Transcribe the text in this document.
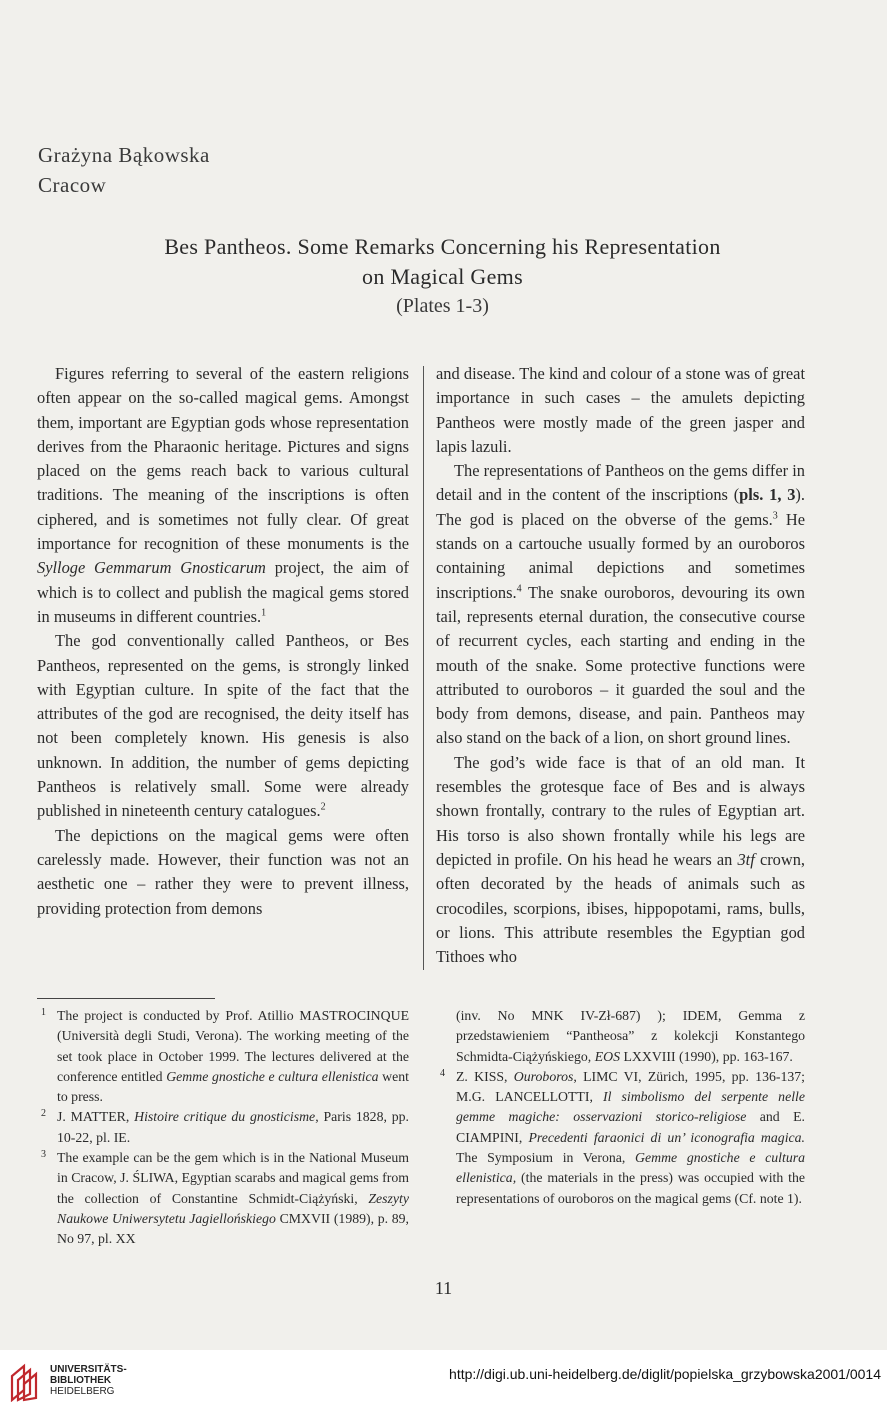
Grażyna Bąkowska
Cracow
Bes Pantheos. Some Remarks Concerning his Representation
on Magical Gems
(Plates 1-3)

Figures referring to several of the eastern religions often appear on the so-called magical gems. Amongst them, important are Egyptian gods whose representation derives from the Pharaonic heritage. Pictures and signs placed on the gems reach back to various cultural traditions. The meaning of the inscriptions is often ciphered, and is sometimes not fully clear. Of great importance for recognition of these monuments is the Sylloge Gemmarum Gnosticarum project, the aim of which is to collect and publish the magical gems stored in museums in different countries.$^1$

The god conventionally called Pantheos, or Bes Pantheos, represented on the gems, is strongly linked with Egyptian culture. In spite of the fact that the attributes of the god are recognised, the deity itself has not been completely known. His genesis is also unknown. In addition, the number of gems depicting Pantheos is relatively small. Some were already published in nineteenth century catalogues.$^2$

The depictions on the magical gems were often carelessly made. However, their function was not an aesthetic one – rather they were to prevent illness, providing protection from demons

and disease. The kind and colour of a stone was of great importance in such cases – the amulets depicting Pantheos were mostly made of the green jasper and lapis lazuli.

The representations of Pantheos on the gems differ in detail and in the content of the inscriptions (pls. 1, 3). The god is placed on the obverse of the gems.$^3$ He stands on a cartouche usually formed by an ouroboros containing animal depictions and sometimes inscriptions.$^4$ The snake ouroboros, devouring its own tail, represents eternal duration, the consecutive course of recurrent cycles, each starting and ending in the mouth of the snake. Some protective functions were attributed to ouroboros – it guarded the soul and the body from demons, disease, and pain. Pantheos may also stand on the back of a lion, on short ground lines.

The god’s wide face is that of an old man. It resembles the grotesque face of Bes and is always shown frontally, contrary to the rules of Egyptian art. His torso is also shown frontally while his legs are depicted in profile. On his head he wears an 3tf crown, often decorated by the heads of animals such as crocodiles, scorpions, ibises, hippopotami, rams, bulls, or lions. This attribute resembles the Egyptian god Tithoes who

1 The project is conducted by Prof. Atillio MASTROCINQUE (Università degli Studi, Verona). The working meeting of the set took place in October 1999. The lectures delivered at the conference entitled Gemme gnostiche e cultura ellenistica went to press.

2 J. MATTER, Histoire critique du gnosticisme, Paris 1828, pp. 10-22, pl. IE.

3 The example can be the gem which is in the National Museum in Cracow, J. ŚLIWA, Egyptian scarabs and magical gems from the collection of Constantine Schmidt-Ciążyński, Zeszyty Naukowe Uniwersytetu Jagiellońskiego CMXVII (1989), p. 89, No 97, pl. XX

(inv. No MNK IV-Zł-687) ); IDEM, Gemma z przedstawieniem “Pantheosa” z kolekcji Konstantego Schmidta-Ciążyńskiego, EOS LXXVIII (1990), pp. 163-167.

4 Z. KISS, Ouroboros, LIMC VI, Zürich, 1995, pp. 136-137; M.G. LANCELLOTTI, Il simbolismo del serpente nelle gemme magiche: osservazioni storico-religiose and E. CIAMPINI, Precedenti faraonici di un’ iconografia magica. The Symposium in Verona, Gemme gnostiche e cultura ellenistica, (the materials in the press) was occupied with the representations of ouroboros on the magical gems (Cf. note 1).

11
UNIVERSITÄTS-
BIBLIOTHEK
HEIDELBERG
http://digi.ub.uni-heidelberg.de/diglit/popielska_grzybowska2001/0014
